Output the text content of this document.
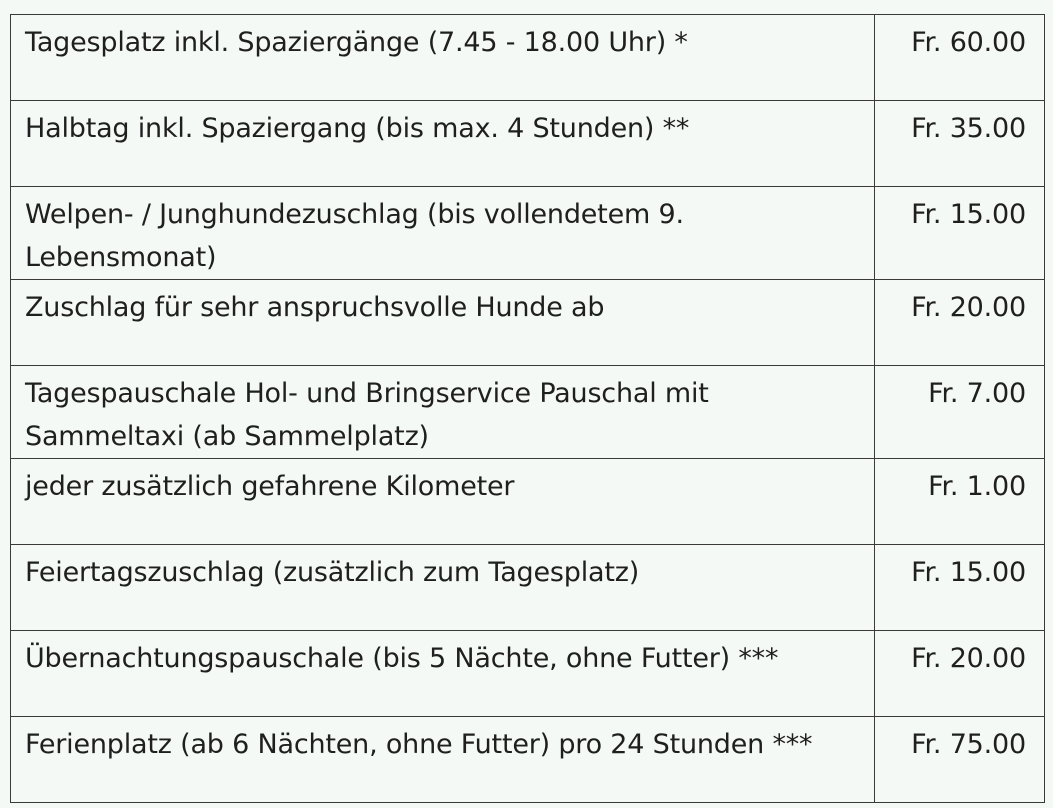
Tagesplatz inkl. Spaziergänge (7.45 - 18.00 Uhr) *	Fr. 60.00
Halbtag inkl. Spaziergang (bis max. 4 Stunden) **	Fr. 35.00
Welpen- / Junghundezuschlag (bis vollendetem 9. Lebensmonat)	Fr. 15.00
Zuschlag für sehr anspruchsvolle Hunde ab	Fr. 20.00
Tagespauschale Hol- und Bringservice Pauschal mit Sammeltaxi (ab Sammelplatz)	Fr. 7.00
jeder zusätzlich gefahrene Kilometer	Fr. 1.00
Feiertagszuschlag (zusätzlich zum Tagesplatz)	Fr. 15.00
Übernachtungspauschale (bis 5 Nächte, ohne Futter) ***	Fr. 20.00
Ferienplatz (ab 6 Nächten, ohne Futter) pro 24 Stunden ***	Fr. 75.00
